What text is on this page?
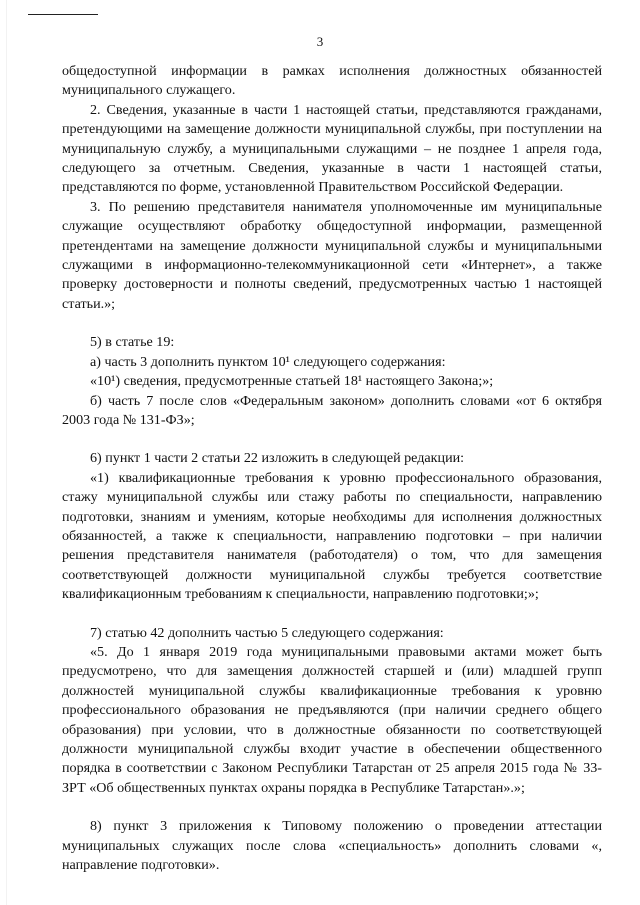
3

общедоступной информации в рамках исполнения должностных обязанностей муниципального служащего.

2. Сведения, указанные в части 1 настоящей статьи, представляются гражданами, претендующими на замещение должности муниципальной службы, при поступлении на муниципальную службу, а муниципальными служащими – не позднее 1 апреля года, следующего за отчетным. Сведения, указанные в части 1 настоящей статьи, представляются по форме, установленной Правительством Российской Федерации.

3. По решению представителя нанимателя уполномоченные им муниципальные служащие осуществляют обработку общедоступной информации, размещенной претендентами на замещение должности муниципальной службы и муниципальными служащими в информационно-телекоммуникационной сети «Интернет», а также проверку достоверности и полноты сведений, предусмотренных частью 1 настоящей статьи.»;

5) в статье 19:

а) часть 3 дополнить пунктом 10¹ следующего содержания:

«10¹) сведения, предусмотренные статьей 18¹ настоящего Закона;»;

б) часть 7 после слов «Федеральным законом» дополнить словами «от 6 октября 2003 года № 131-ФЗ»;

6) пункт 1 части 2 статьи 22 изложить в следующей редакции:

«1) квалификационные требования к уровню профессионального образования, стажу муниципальной службы или стажу работы по специальности, направлению подготовки, знаниям и умениям, которые необходимы для исполнения должностных обязанностей, а также к специальности, направлению подготовки – при наличии решения представителя нанимателя (работодателя) о том, что для замещения соответствующей должности муниципальной службы требуется соответствие квалификационным требованиям к специальности, направлению подготовки;»;

7) статью 42 дополнить частью 5 следующего содержания:

«5. До 1 января 2019 года муниципальными правовыми актами может быть предусмотрено, что для замещения должностей старшей и (или) младшей групп должностей муниципальной службы квалификационные требования к уровню профессионального образования не предъявляются (при наличии среднего общего образования) при условии, что в должностные обязанности по соответствующей должности муниципальной службы входит участие в обеспечении общественного порядка в соответствии с Законом Республики Татарстан от 25 апреля 2015 года № 33-ЗРТ «Об общественных пунктах охраны порядка в Республике Татарстан».»;

8) пункт 3 приложения к Типовому положению о проведении аттестации муниципальных служащих после слова «специальность» дополнить словами «, направление подготовки».
